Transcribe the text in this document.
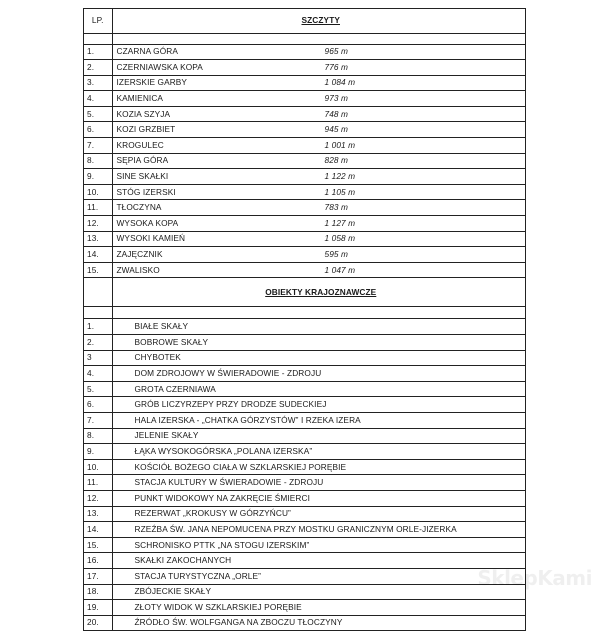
LP.	SZCZYTY

1.	CZARNA GÓRA 965 m
2.	CZERNIAWSKA KOPA 776 m
3.	IZERSKIE GARBY 1 084 m
4.	KAMIENICA 973 m
5.	KOZIA SZYJA 748 m
6.	KOZI GRZBIET 945 m
7.	KROGULEC 1 001 m
8.	SĘPIA GÓRA 828 m
9.	SINE SKAŁKI 1 122 m
10.	STÓG IZERSKI 1 105 m
11.	TŁOCZYNA 783 m
12.	WYSOKA KOPA 1 127 m
13.	WYSOKI KAMIEŃ 1 058 m
14.	ZAJĘCZNIK 595 m
15.	ZWALISKO 1 047 m
	OBIEKTY KRAJOZNAWCZE

1.	BIAŁE SKAŁY
2.	BOBROWE SKAŁY
3	CHYBOTEK
4.	DOM ZDROJOWY W ŚWIERADOWIE - ZDROJU
5.	GROTA CZERNIAWA
6.	GRÓB LICZYRZEPY PRZY DRODZE SUDECKIEJ
7.	HALA IZERSKA - „CHATKA GÓRZYSTÓW” I RZEKA IZERA
8.	JELENIE SKAŁY
9.	ŁĄKA WYSOKOGÓRSKA „POLANA IZERSKA”
10.	KOŚCIÓŁ BOŻEGO CIAŁA W SZKLARSKIEJ PORĘBIE
11.	STACJA KULTURY W ŚWIERADOWIE - ZDROJU
12.	PUNKT WIDOKOWY NA ZAKRĘCIE ŚMIERCI
13.	REZERWAT „KROKUSY W GÓRZYŃCU”
14.	RZEŹBA ŚW. JANA NEPOMUCENA PRZY MOSTKU GRANICZNYM ORLE-JIZERKA
15.	SCHRONISKO PTTK „NA STOGU IZERSKIM”
16.	SKAŁKI ZAKOCHANYCH
17.	STACJA TURYSTYCZNA „ORLE”
18.	ZBÓJECKIE SKAŁY
19.	ZŁOTY WIDOK W SZKLARSKIEJ PORĘBIE
20.	ŹRÓDŁO ŚW. WOLFGANGA NA ZBOCZU TŁOCZYNY
SklepKami
